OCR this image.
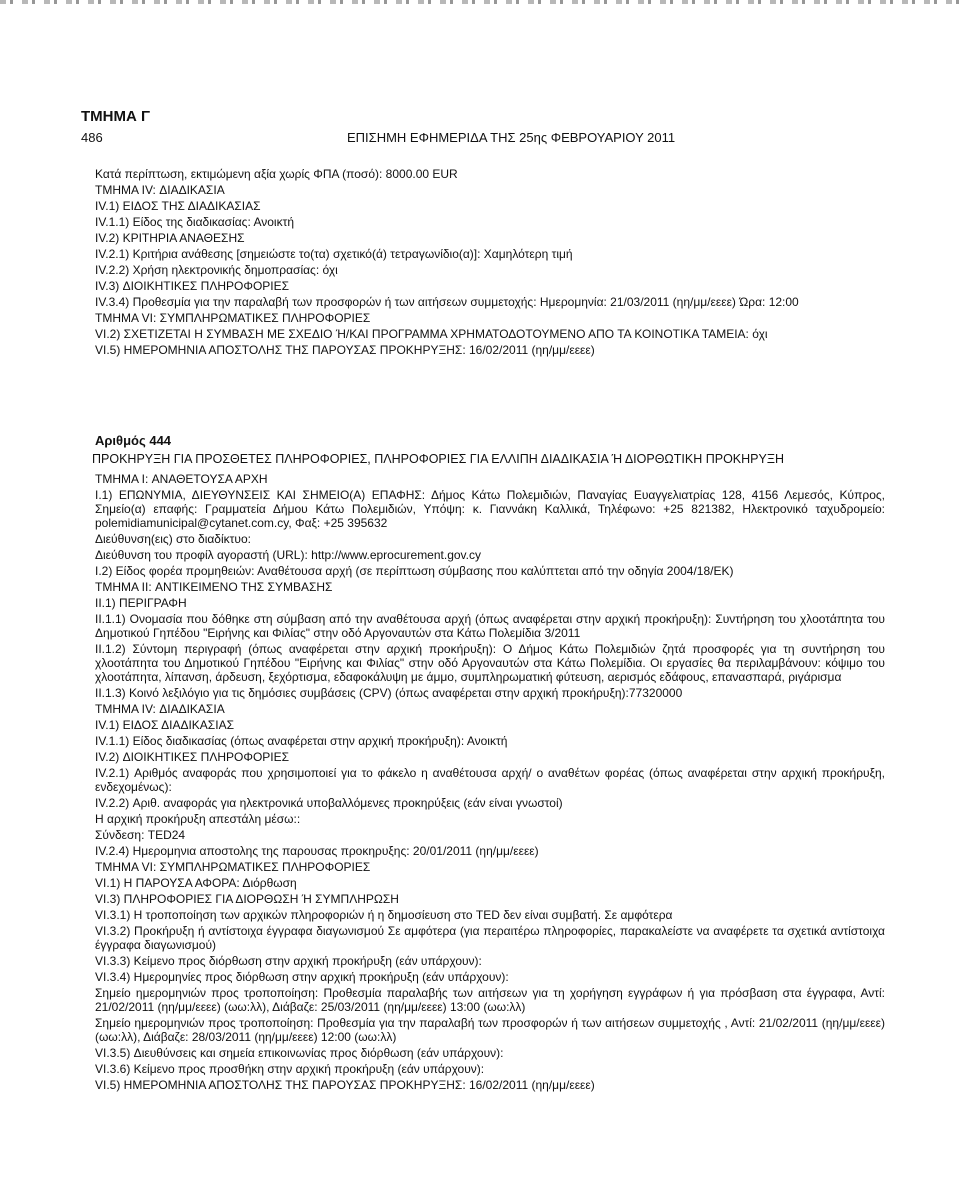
ΤΜΗΜΑ Γ
486	ΕΠΙΣΗΜΗ ΕΦΗΜΕΡΙΔΑ ΤΗΣ 25ης ΦΕΒΡΟΥΑΡΙΟΥ 2011

Κατά περίπτωση, εκτιμώμενη αξία χωρίς ΦΠΑ (ποσό): 8000.00 EUR

ΤΜΗΜΑ IV: ΔΙΑΔΙΚΑΣΙΑ

IV.1) ΕΙΔΟΣ ΤΗΣ ΔΙΑΔΙΚΑΣΙΑΣ

IV.1.1) Είδος της διαδικασίας: Ανοικτή

IV.2) ΚΡΙΤΗΡΙΑ ΑΝΑΘΕΣΗΣ

IV.2.1) Κριτήρια ανάθεσης [σημειώστε το(τα) σχετικό(ά) τετραγωνίδιο(α)]: Χαμηλότερη τιμή

IV.2.2) Χρήση ηλεκτρονικής δημοπρασίας: όχι

IV.3) ΔΙΟΙΚΗΤΙΚΕΣ ΠΛΗΡΟΦΟΡΙΕΣ

IV.3.4) Προθεσμία για την παραλαβή των προσφορών ή των αιτήσεων συμμετοχής: Ημερομηνία: 21/03/2011 (ηη/μμ/εεεε) Ώρα: 12:00

ΤΜΗΜΑ VI: ΣΥΜΠΛΗΡΩΜΑΤΙΚΕΣ ΠΛΗΡΟΦΟΡΙΕΣ

VI.2) ΣΧΕΤΙΖΕΤΑΙ Η ΣΥΜΒΑΣΗ ΜΕ ΣΧΕΔΙΟ Ή/ΚΑΙ ΠΡΟΓΡΑΜΜΑ ΧΡΗΜΑΤΟΔΟΤΟΥΜΕΝΟ ΑΠΟ ΤΑ ΚΟΙΝΟΤΙΚΑ ΤΑΜΕΙΑ: όχι

VI.5) ΗΜΕΡΟΜΗΝΙΑ ΑΠΟΣΤΟΛΗΣ ΤΗΣ ΠΑΡΟΥΣΑΣ ΠΡΟΚΗΡΥΞΗΣ: 16/02/2011 (ηη/μμ/εεεε)

Αριθμός 444
ΠΡΟΚΗΡΥΞΗ ΓΙΑ ΠΡΟΣΘΕΤΕΣ ΠΛΗΡΟΦΟΡΙΕΣ, ΠΛΗΡΟΦΟΡΙΕΣ ΓΙΑ ΕΛΛΙΠΗ ΔΙΑΔΙΚΑΣΙΑ Ή ΔΙΟΡΘΩΤΙΚΗ ΠΡΟΚΗΡΥΞΗ

ΤΜΗΜΑ I: ΑΝΑΘΕΤΟΥΣΑ ΑΡΧΗ

I.1) ΕΠΩΝΥΜΙΑ, ΔΙΕΥΘΥΝΣΕΙΣ ΚΑΙ ΣΗΜΕΙΟ(Α) ΕΠΑΦΗΣ: Δήμος Κάτω Πολεμιδιών, Παναγίας Ευαγγελιατρίας 128, 4156 Λεμεσός, Κύπρος, Σημείο(α) επαφής: Γραμματεία Δήμου Κάτω Πολεμιδιών, Υπόψη: κ. Γιαννάκη Καλλικά, Τηλέφωνο: +25 821382, Ηλεκτρονικό ταχυδρομείο: polemidiamunicipal@cytanet.com.cy, Φαξ: +25 395632

Διεύθυνση(εις) στο διαδίκτυο:

Διεύθυνση του προφίλ αγοραστή (URL): http://www.eprocurement.gov.cy

I.2) Είδος φορέα προμηθειών: Αναθέτουσα αρχή (σε περίπτωση σύμβασης που καλύπτεται από την οδηγία 2004/18/ΕΚ)

ΤΜΗΜΑ II: ΑΝΤΙΚΕΙΜΕΝΟ ΤΗΣ ΣΥΜΒΑΣΗΣ

II.1) ΠΕΡΙΓΡΑΦΗ

II.1.1) Ονομασία που δόθηκε στη σύμβαση από την αναθέτουσα αρχή (όπως αναφέρεται στην αρχική προκήρυξη): Συντήρηση του χλοοτάπητα του Δημοτικού Γηπέδου "Ειρήνης και Φιλίας" στην οδό Αργοναυτών στα Κάτω Πολεμίδια 3/2011

II.1.2) Σύντομη περιγραφή (όπως αναφέρεται στην αρχική προκήρυξη): Ο Δήμος Κάτω Πολεμιδιών ζητά προσφορές για τη συντήρηση του χλοοτάπητα του Δημοτικού Γηπέδου "Ειρήνης και Φιλίας" στην οδό Αργοναυτών στα Κάτω Πολεμίδια. Οι εργασίες θα περιλαμβάνουν: κόψιμο του χλοοτάπητα, λίπανση, άρδευση, ξεχόρτισμα, εδαφοκάλυψη με άμμο, συμπληρωματική φύτευση, αερισμός εδάφους, επανασπαρά, ριγάρισμα

II.1.3) Κοινό λεξιλόγιο για τις δημόσιες συμβάσεις (CPV) (όπως αναφέρεται στην αρχική προκήρυξη):77320000

ΤΜΗΜΑ IV: ΔΙΑΔΙΚΑΣΙΑ

IV.1) ΕΙΔΟΣ ΔΙΑΔΙΚΑΣΙΑΣ

IV.1.1) Είδος διαδικασίας (όπως αναφέρεται στην αρχική προκήρυξη): Ανοικτή

IV.2) ΔΙΟΙΚΗΤΙΚΕΣ ΠΛΗΡΟΦΟΡΙΕΣ

IV.2.1) Αριθμός αναφοράς που χρησιμοποιεί για το φάκελο η αναθέτουσα αρχή/ ο αναθέτων φορέας (όπως αναφέρεται στην αρχική προκήρυξη, ενδεχομένως):

IV.2.2) Αριθ. αναφοράς για ηλεκτρονικά υποβαλλόμενες προκηρύξεις (εάν είναι γνωστοί)

Η αρχική προκήρυξη απεστάλη μέσω::

Σύνδεση: TED24

IV.2.4) Ημερομηνια αποστολης της παρουσας προκηρυξης: 20/01/2011 (ηη/μμ/εεεε)

ΤΜΗΜΑ VI: ΣΥΜΠΛΗΡΩΜΑΤΙΚΕΣ ΠΛΗΡΟΦΟΡΙΕΣ

VI.1) Η ΠΑΡΟΥΣΑ ΑΦΟΡΑ: Διόρθωση

VI.3) ΠΛΗΡΟΦΟΡΙΕΣ ΓΙΑ ΔΙΟΡΘΩΣΗ Ή ΣΥΜΠΛΗΡΩΣΗ

VI.3.1) Η τροποποίηση των αρχικών πληροφοριών ή η δημοσίευση στο TED δεν είναι συμβατή. Σε αμφότερα

VI.3.2) Προκήρυξη ή αντίστοιχα έγγραφα διαγωνισμού Σε αμφότερα (για περαιτέρω πληροφορίες, παρακαλείστε να αναφέρετε τα σχετικά αντίστοιχα έγγραφα διαγωνισμού)

VI.3.3) Κείμενο προς διόρθωση στην αρχική προκήρυξη (εάν υπάρχουν):

VI.3.4) Ημερομηνίες προς διόρθωση στην αρχική προκήρυξη (εάν υπάρχουν):

Σημείο ημερομηνιών προς τροποποίηση: Προθεσμία παραλαβής των αιτήσεων για τη χορήγηση εγγράφων ή για πρόσβαση στα έγγραφα, Αντί: 21/02/2011 (ηη/μμ/εεεε) (ωω:λλ), Διάβαζε: 25/03/2011 (ηη/μμ/εεεε) 13:00 (ωω:λλ)

Σημείο ημερομηνιών προς τροποποίηση: Προθεσμία για την παραλαβή των προσφορών ή των αιτήσεων συμμετοχής , Αντί: 21/02/2011 (ηη/μμ/εεεε) (ωω:λλ), Διάβαζε: 28/03/2011 (ηη/μμ/εεεε) 12:00 (ωω:λλ)

VI.3.5) Διευθύνσεις και σημεία επικοινωνίας προς διόρθωση (εάν υπάρχουν):

VI.3.6) Κείμενο προς προσθήκη στην αρχική προκήρυξη (εάν υπάρχουν):

VI.5) ΗΜΕΡΟΜΗΝΙΑ ΑΠΟΣΤΟΛΗΣ ΤΗΣ ΠΑΡΟΥΣΑΣ ΠΡΟΚΗΡΥΞΗΣ: 16/02/2011 (ηη/μμ/εεεε)
